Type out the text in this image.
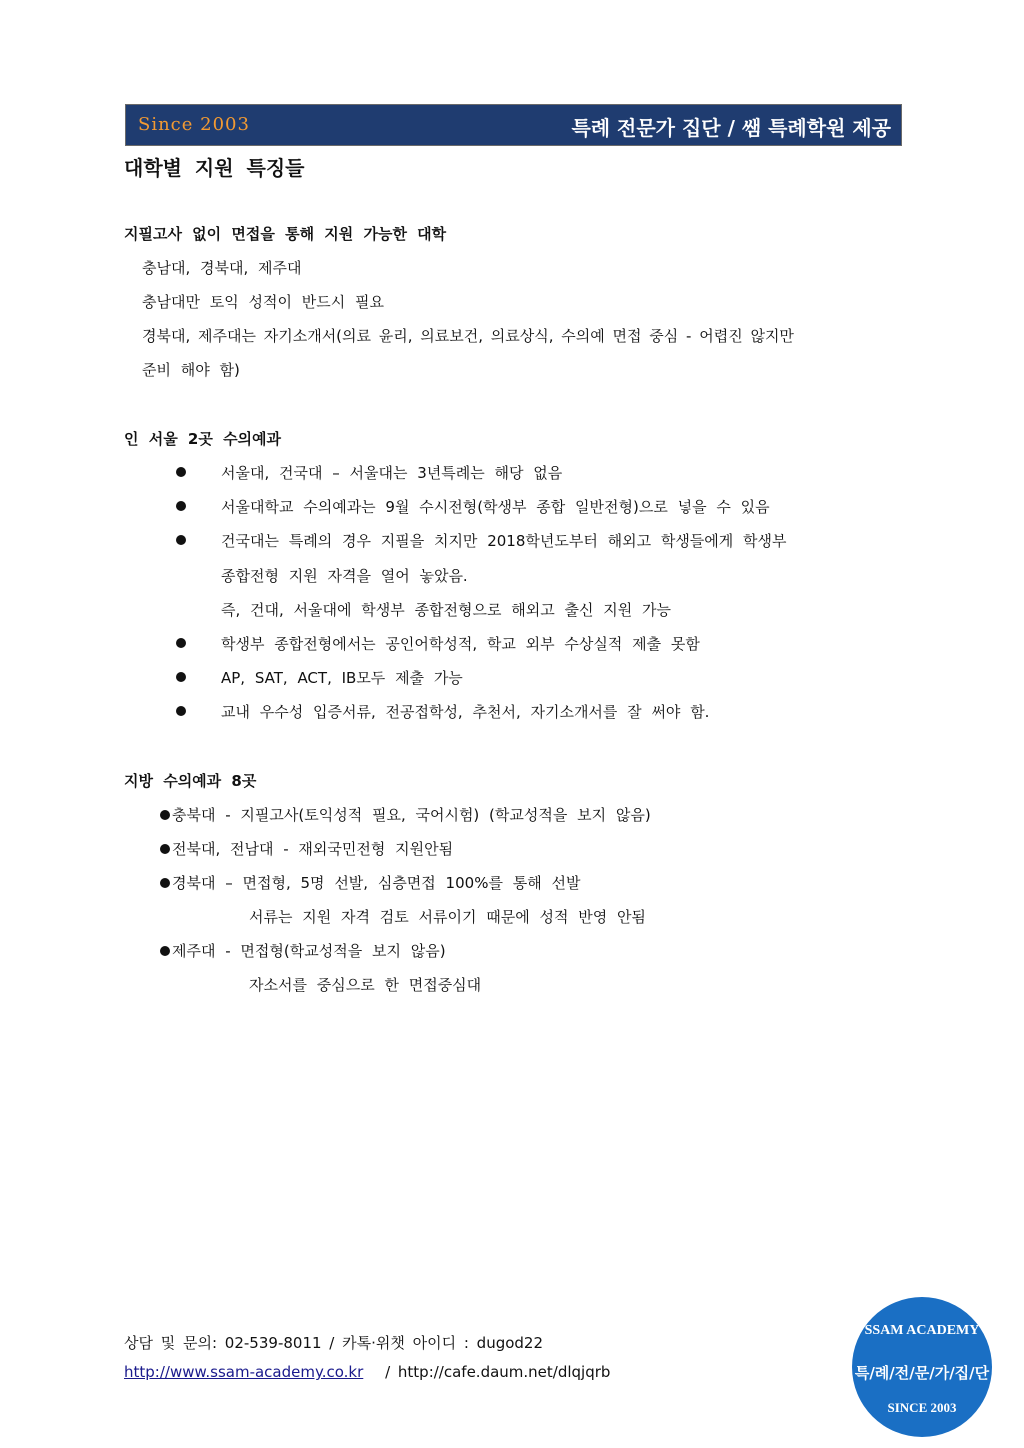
Since 2003	특례 전문가 집단 / 쌤 특례학원 제공
대학별 지원 특징들
지필고사 없이 면접을 통해 지원 가능한 대학
충남대, 경북대, 제주대
충남대만 토익 성적이 반드시 필요
경북대, 제주대는 자기소개서(의료 윤리, 의료보건, 의료상식, 수의예 면접 중심 - 어렵진 않지만
준비 해야 함)
인 서울 2곳 수의예과
서울대, 건국대 – 서울대는 3년특례는 해당 없음
서울대학교 수의예과는 9월 수시전형(학생부 종합 일반전형)으로 넣을 수 있음
건국대는 특례의 경우 지필을 치지만 2018학년도부터 해외고 학생들에게 학생부
종합전형 지원 자격을 열어 놓았음.
즉, 건대, 서울대에 학생부 종합전형으로 해외고 출신 지원 가능
학생부 종합전형에서는 공인어학성적, 학교 외부 수상실적 제출 못함
AP, SAT, ACT, IB모두 제출 가능
교내 우수성 입증서류, 전공접학성, 추천서, 자기소개서를 잘 써야 함.
지방 수의예과 8곳
충북대 - 지필고사(토익성적 필요, 국어시험) (학교성적을 보지 않음)
전북대, 전남대 - 재외국민전형 지원안됨
경북대 – 면접형, 5명 선발, 심층면접 100%를 통해 선발
서류는 지원 자격 검토 서류이기 때문에 성적 반영 안됨
제주대 - 면접형(학교성적을 보지 않음)
자소서를 중심으로 한 면접중심대
상담 및 문의: 02-539-8011 / 카톡·위챗 아이디 : dugod22
http://www.ssam-academy.co.kr / http://cafe.daum.net/dlqjqrb
SSAM ACADEMY
특/례/전/문/가/집/단
SINCE 2003
